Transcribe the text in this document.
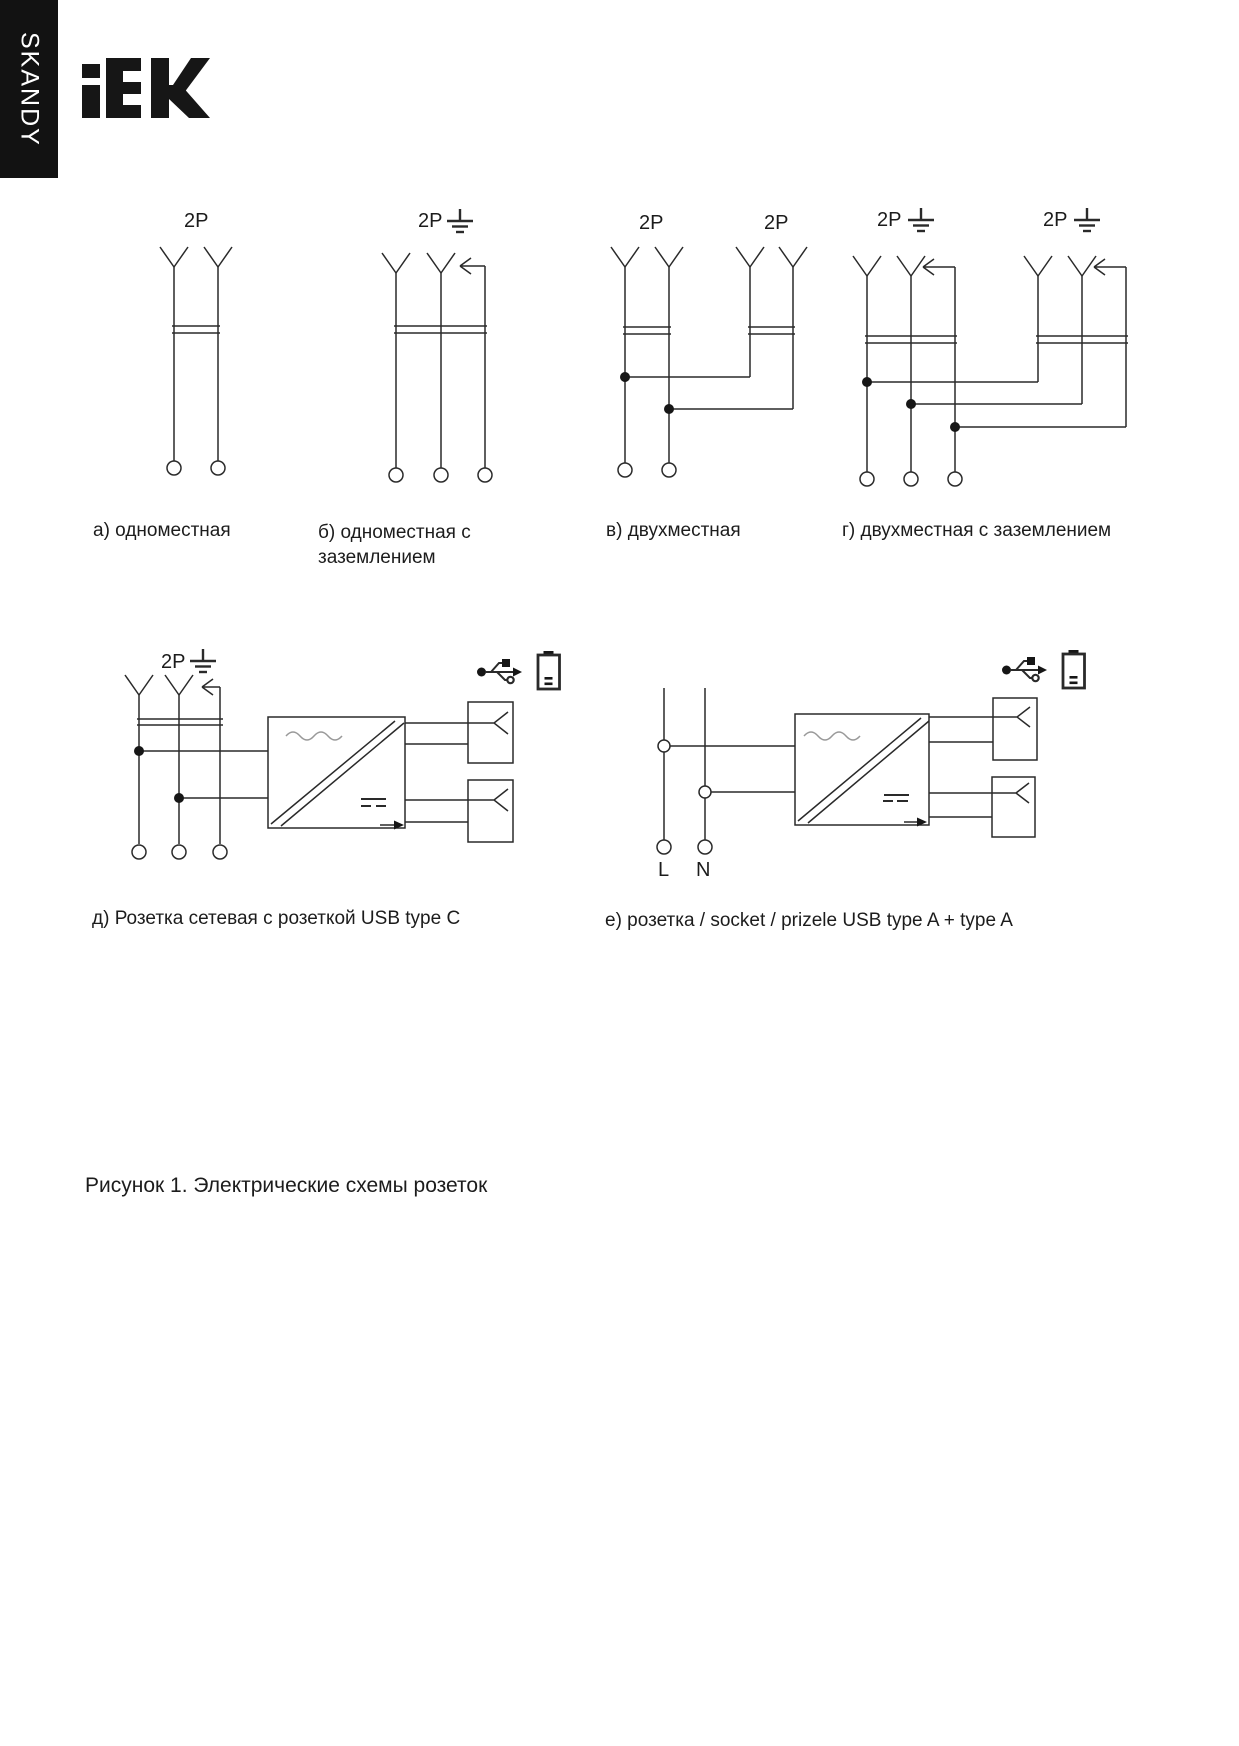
SKANDY
2P	2P	2P	2P	2P	2P
2P
L N
а) одноместная	б) одноместная с заземлением
в) двухместная	г) двухместная с заземлением
д) Розетка сетевая с розеткой USB type C	е) розетка / socket / prizele USB type A + type A
Рисунок 1. Электрические схемы розеток
